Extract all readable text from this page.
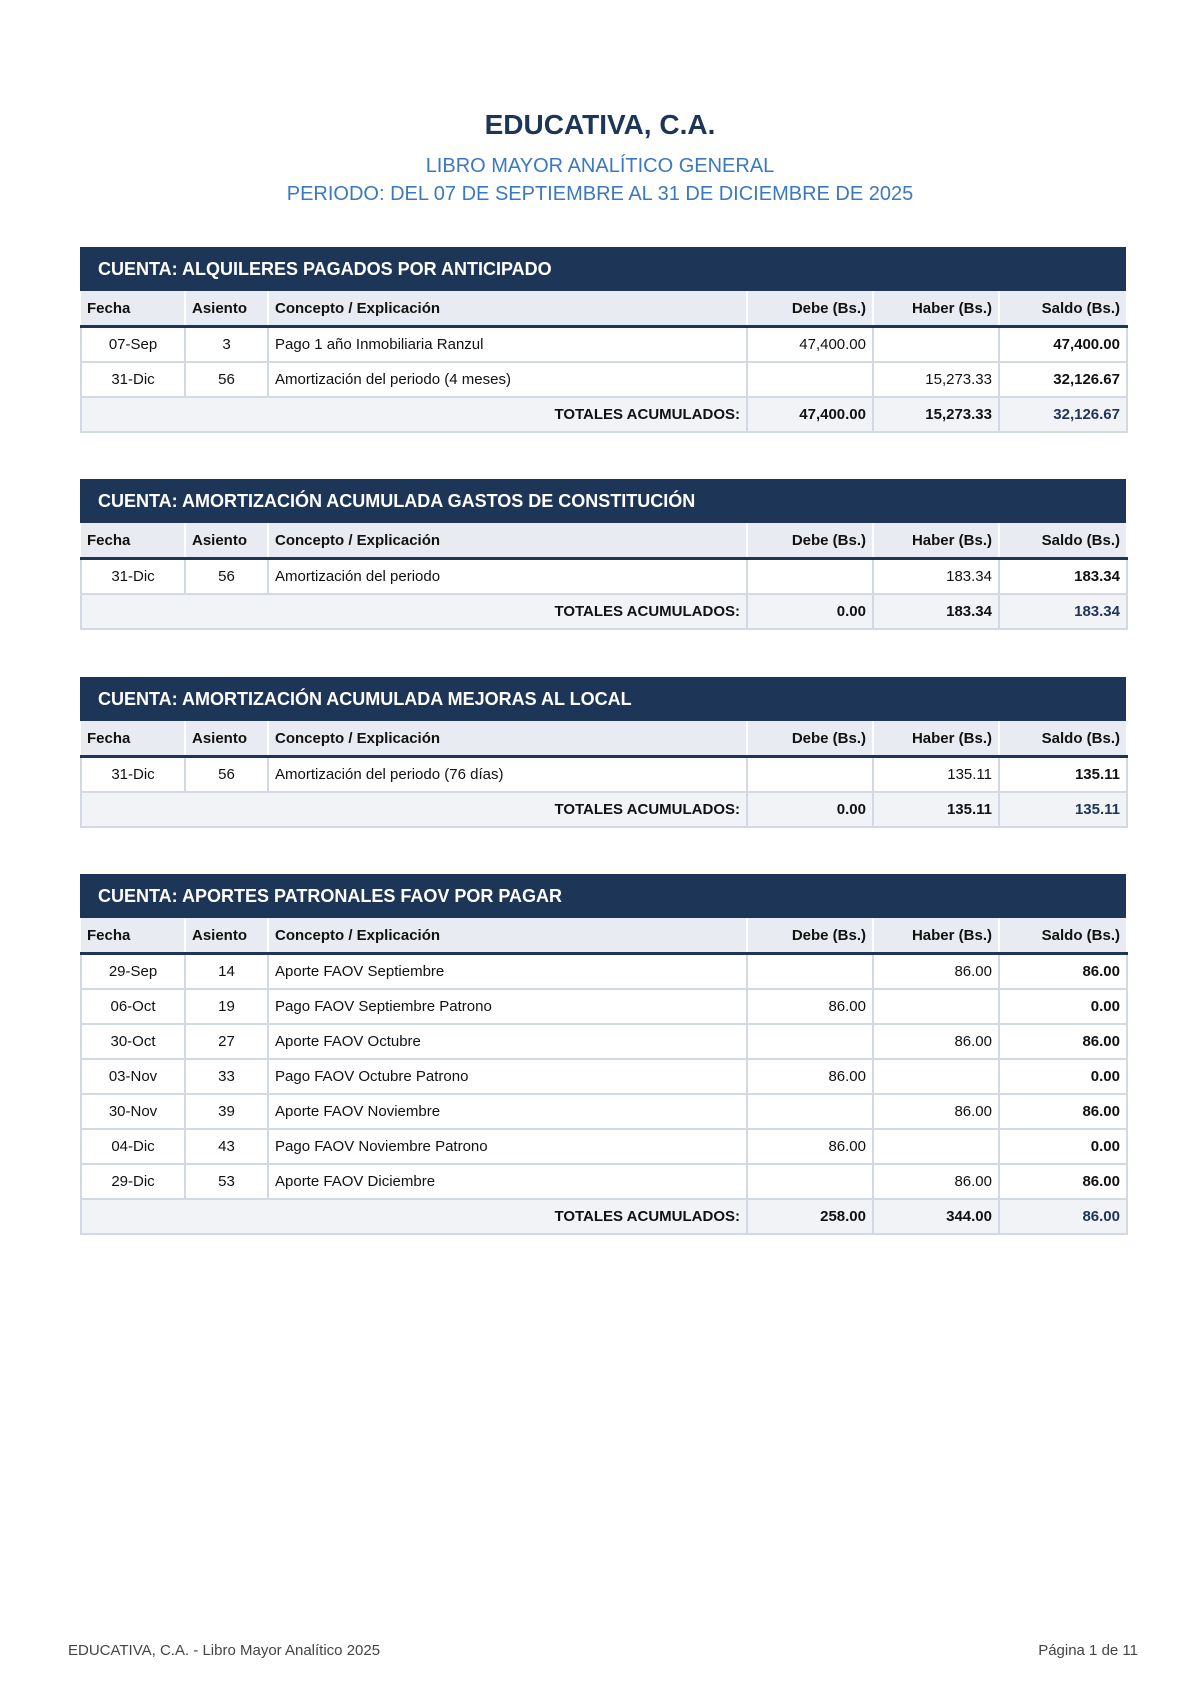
EDUCATIVA, C.A.
LIBRO MAYOR ANALÍTICO GENERAL
PERIODO: DEL 07 DE SEPTIEMBRE AL 31 DE DICIEMBRE DE 2025
CUENTA: ALQUILERES PAGADOS POR ANTICIPADO
Fecha	Asiento	Concepto / Explicación	Debe (Bs.)	Haber (Bs.)	Saldo (Bs.)
07-Sep	3	Pago 1 año Inmobiliaria Ranzul	47,400.00		47,400.00
31-Dic	56	Amortización del periodo (4 meses)		15,273.33	32,126.67
TOTALES ACUMULADOS:			47,400.00	15,273.33	32,126.67
CUENTA: AMORTIZACIÓN ACUMULADA GASTOS DE CONSTITUCIÓN
Fecha	Asiento	Concepto / Explicación	Debe (Bs.)	Haber (Bs.)	Saldo (Bs.)
31-Dic	56	Amortización del periodo		183.34	183.34
TOTALES ACUMULADOS:			0.00	183.34	183.34
CUENTA: AMORTIZACIÓN ACUMULADA MEJORAS AL LOCAL
Fecha	Asiento	Concepto / Explicación	Debe (Bs.)	Haber (Bs.)	Saldo (Bs.)
31-Dic	56	Amortización del periodo (76 días)		135.11	135.11
TOTALES ACUMULADOS:			0.00	135.11	135.11
CUENTA: APORTES PATRONALES FAOV POR PAGAR
Fecha	Asiento	Concepto / Explicación	Debe (Bs.)	Haber (Bs.)	Saldo (Bs.)
29-Sep	14	Aporte FAOV Septiembre		86.00	86.00
06-Oct	19	Pago FAOV Septiembre Patrono	86.00		0.00
30-Oct	27	Aporte FAOV Octubre		86.00	86.00
03-Nov	33	Pago FAOV Octubre Patrono	86.00		0.00
30-Nov	39	Aporte FAOV Noviembre		86.00	86.00
04-Dic	43	Pago FAOV Noviembre Patrono	86.00		0.00
29-Dic	53	Aporte FAOV Diciembre		86.00	86.00
TOTALES ACUMULADOS:			258.00	344.00	86.00
EDUCATIVA, C.A. - Libro Mayor Analítico 2025	Página 1 de 11
